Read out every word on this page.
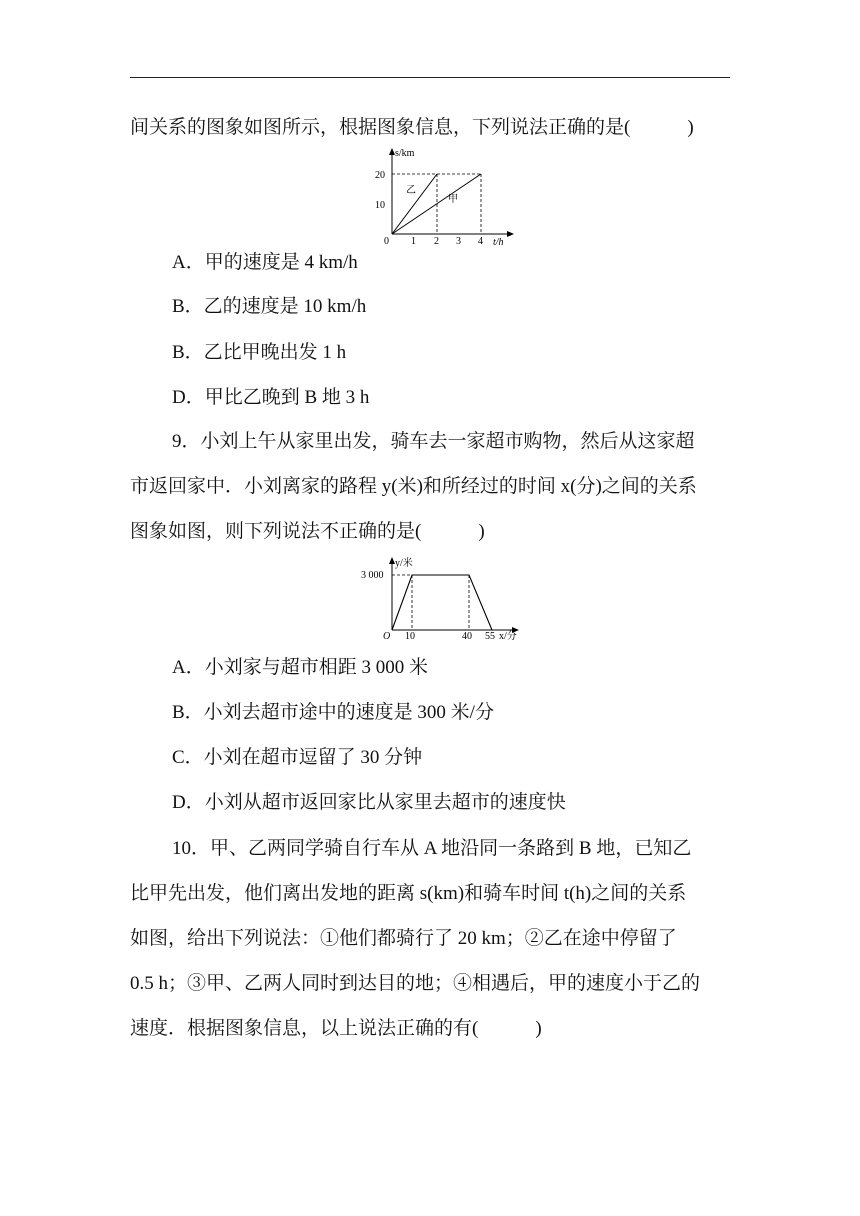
间关系的图象如图所示，根据图象信息，下列说法正确的是(　　　)
s/km
t/h
0
20
10
1 2 3 4
乙
甲
A．甲的速度是 4 km/h
B．乙的速度是 10 km/h
B．乙比甲晚出发 1 h
D．甲比乙晚到 B 地 3 h
9．小刘上午从家里出发，骑车去一家超市购物，然后从这家超
市返回家中．小刘离家的路程 y(米)和所经过的时间 x(分)之间的关系
图象如图，则下列说法不正确的是(　　　)
y/米
3 000
O 10	40 55 x/分
A．小刘家与超市相距 3 000 米
B．小刘去超市途中的速度是 300 米/分
C．小刘在超市逗留了 30 分钟
D．小刘从超市返回家比从家里去超市的速度快
10．甲、乙两同学骑自行车从 A 地沿同一条路到 B 地，已知乙
比甲先出发，他们离出发地的距离 s(km)和骑车时间 t(h)之间的关系
如图，给出下列说法：①他们都骑行了 20 km；②乙在途中停留了
0.5 h；③甲、乙两人同时到达目的地；④相遇后，甲的速度小于乙的
速度．根据图象信息，以上说法正确的有(　　　)
